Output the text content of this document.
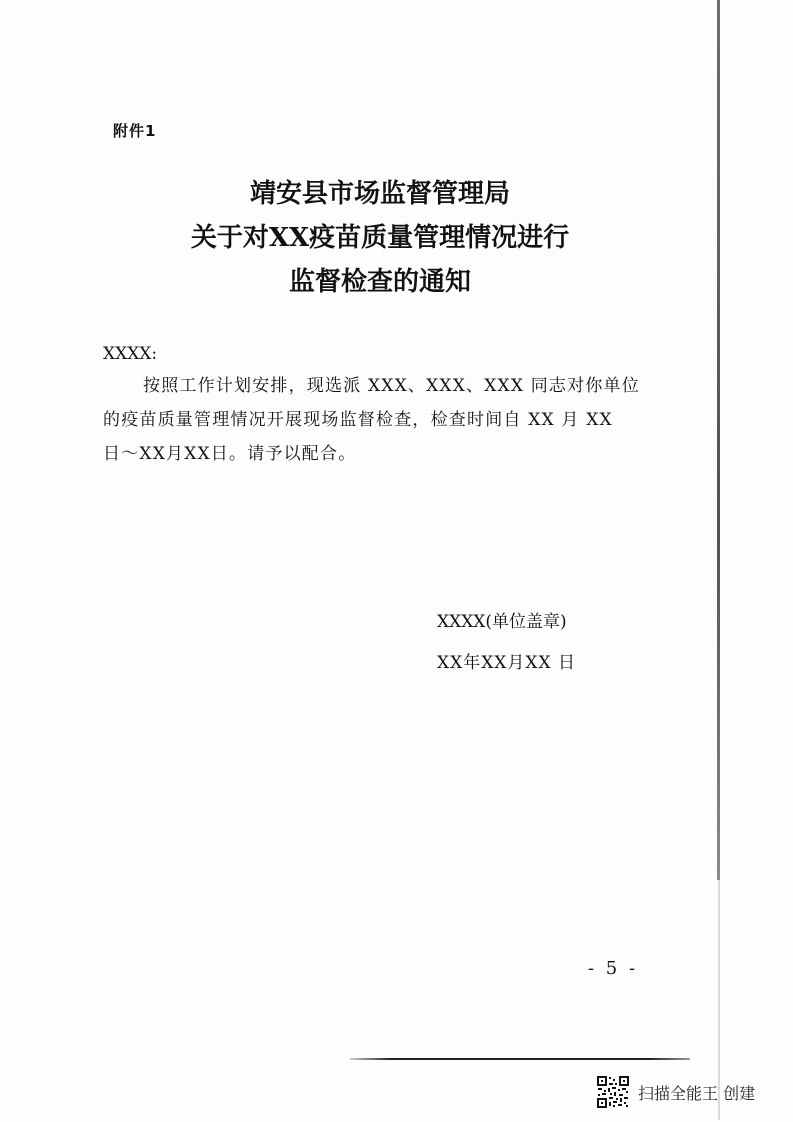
附件1
靖安县市场监督管理局
关于对XX疫苗质量管理情况进行
监督检查的通知
XXXX:
按照工作计划安排，现选派 XXX、XXX、XXX 同志对你单位
的疫苗质量管理情况开展现场监督检查，检查时间自 XX 月 XX
日～XX月XX日。请予以配合。
XXXX(单位盖章)
XX年XX月XX 日
- 5 -
扫描全能王 创建
